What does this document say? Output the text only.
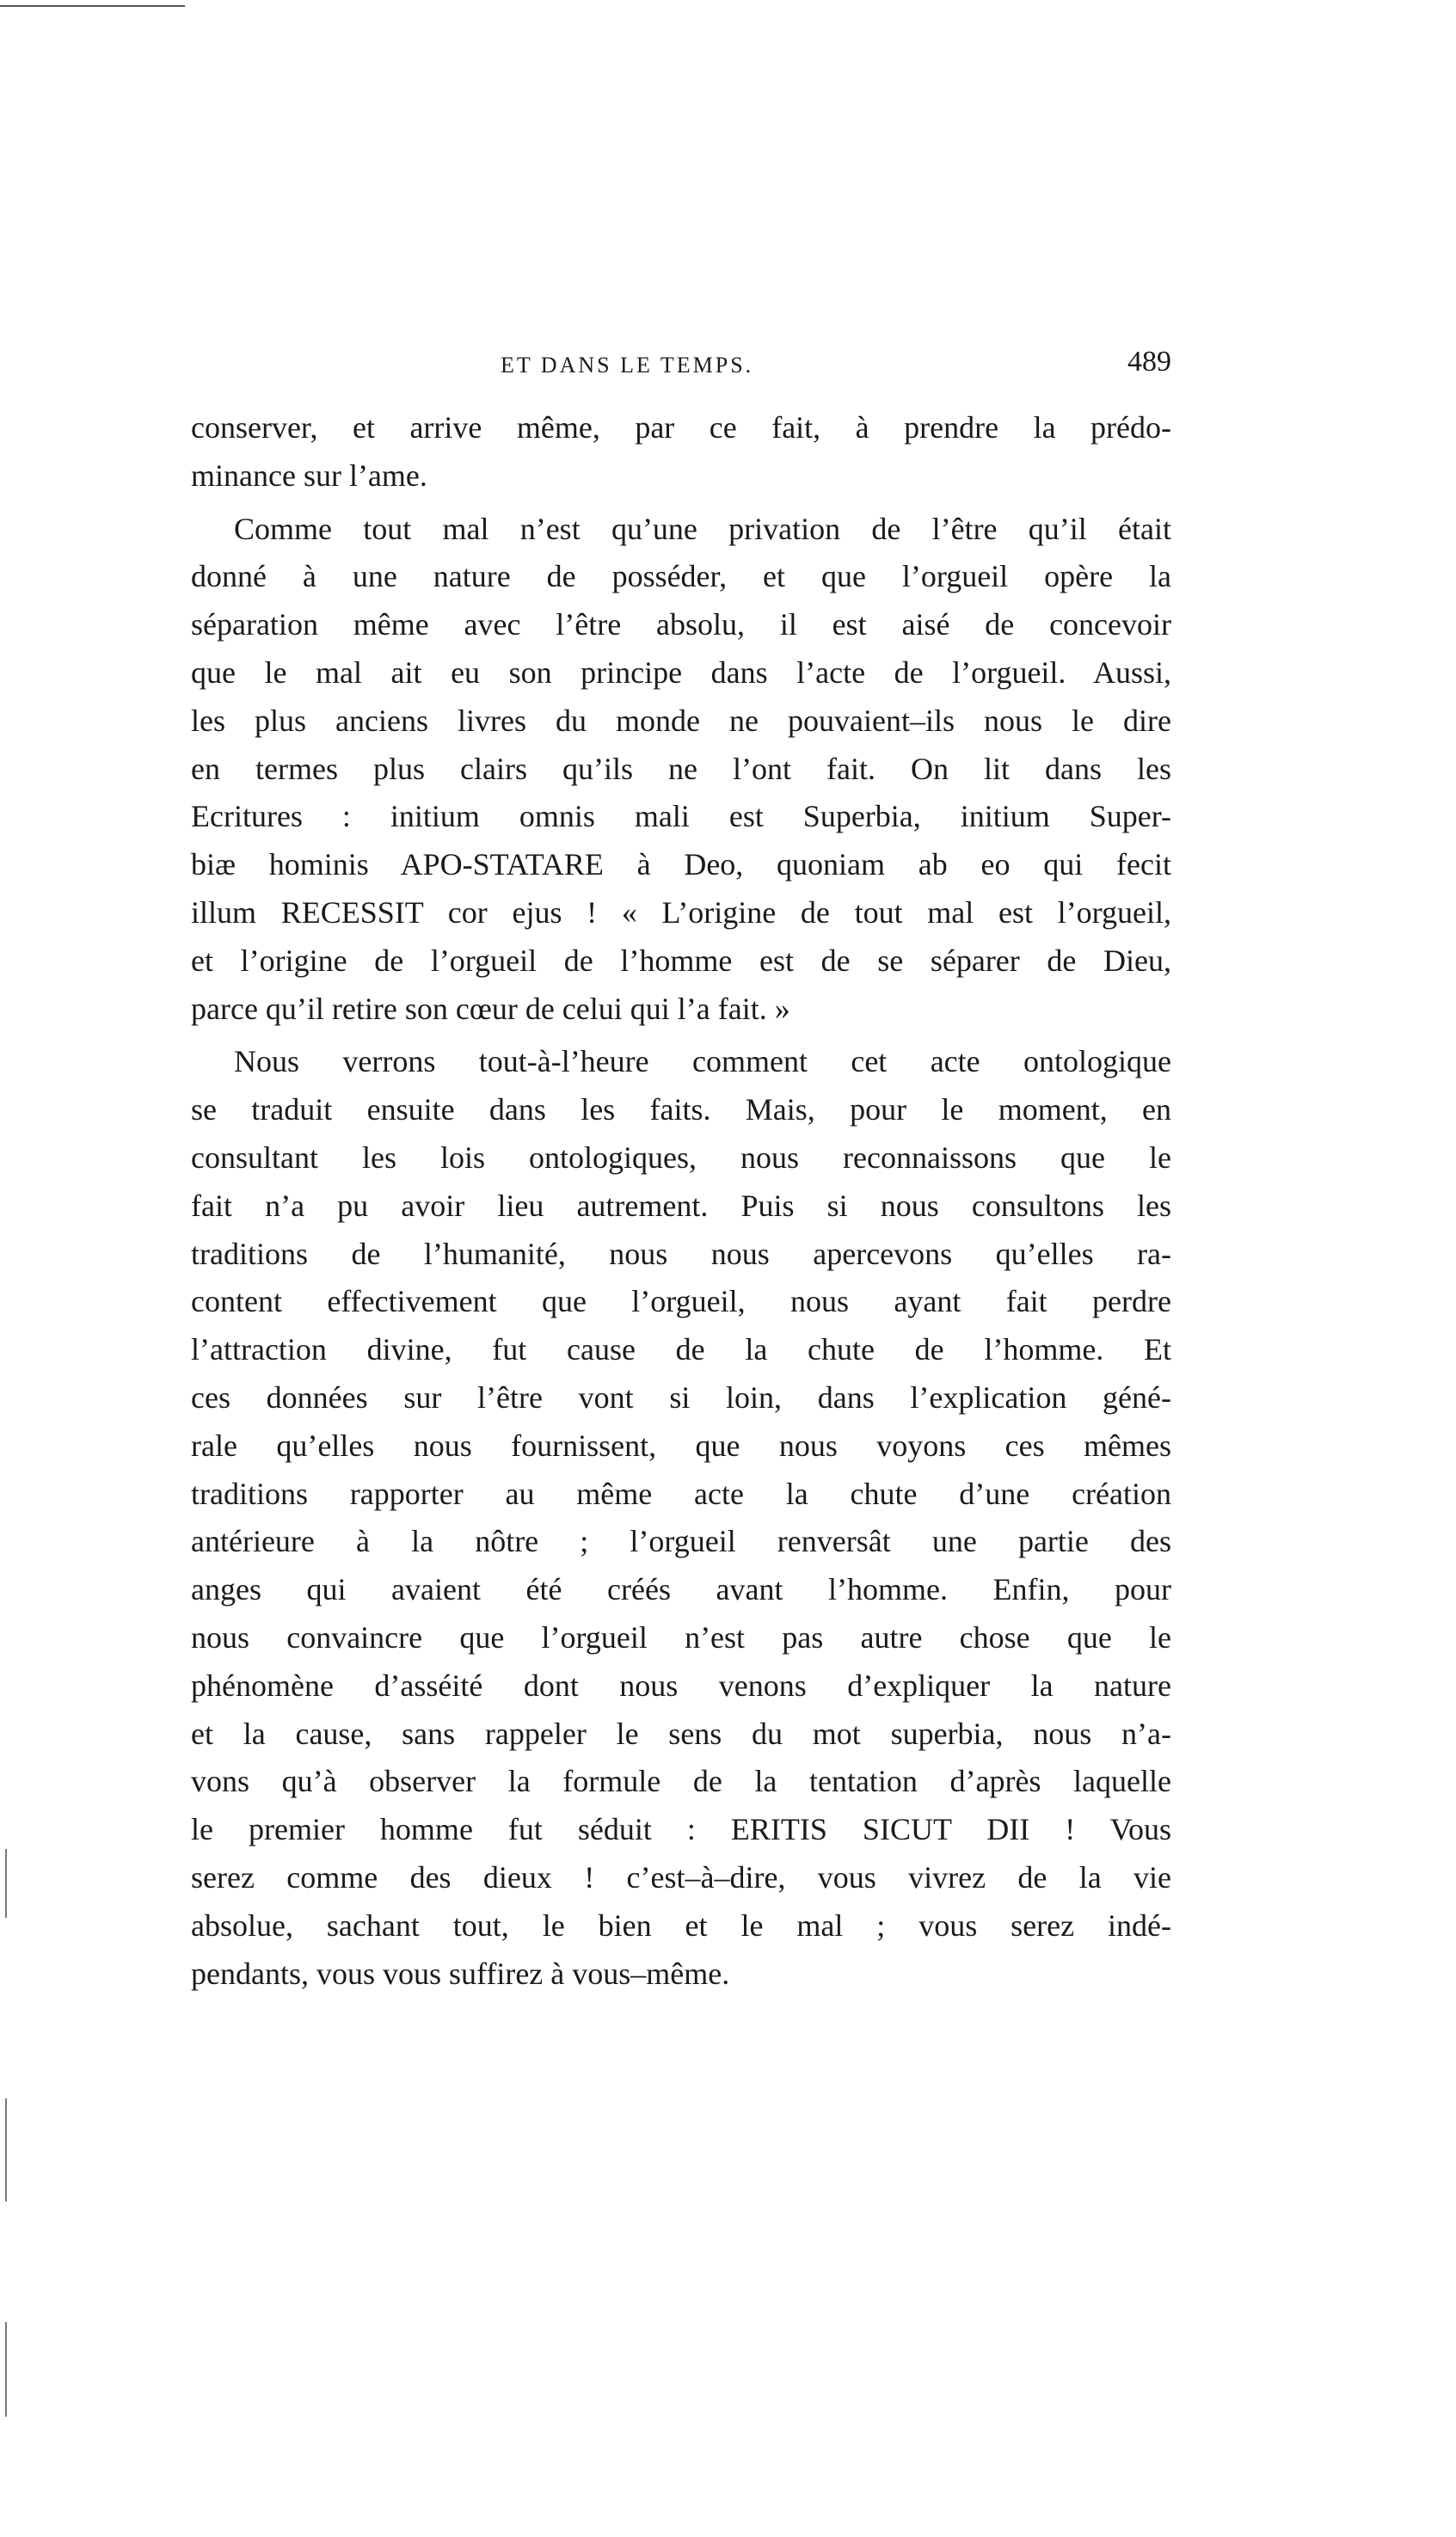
ET DANS LE TEMPS.	489
conserver, et arrive même, par ce fait, à prendre la prédo-
minance sur l’ame.
Comme tout mal n’est qu’une privation de l’être qu’il était
donné à une nature de posséder, et que l’orgueil opère la
séparation même avec l’être absolu, il est aisé de concevoir
que le mal ait eu son principe dans l’acte de l’orgueil. Aussi,
les plus anciens livres du monde ne pouvaient–ils nous le dire
en termes plus clairs qu’ils ne l’ont fait. On lit dans les
Ecritures : initium omnis mali est Superbia, initium Super-
biæ hominis APO-STATARE à Deo, quoniam ab eo qui fecit
illum RECESSIT cor ejus ! « L’origine de tout mal est l’orgueil,
et l’origine de l’orgueil de l’homme est de se séparer de Dieu,
parce qu’il retire son cœur de celui qui l’a fait. »
Nous verrons tout-à-l’heure comment cet acte ontologique
se traduit ensuite dans les faits. Mais, pour le moment, en
consultant les lois ontologiques, nous reconnaissons que le
fait n’a pu avoir lieu autrement. Puis si nous consultons les
traditions de l’humanité, nous nous apercevons qu’elles ra-
content effectivement que l’orgueil, nous ayant fait perdre
l’attraction divine, fut cause de la chute de l’homme. Et
ces données sur l’être vont si loin, dans l’explication géné-
rale qu’elles nous fournissent, que nous voyons ces mêmes
traditions rapporter au même acte la chute d’une création
antérieure à la nôtre ; l’orgueil renversât une partie des
anges qui avaient été créés avant l’homme. Enfin, pour
nous convaincre que l’orgueil n’est pas autre chose que le
phénomène d’asséité dont nous venons d’expliquer la nature
et la cause, sans rappeler le sens du mot superbia, nous n’a-
vons qu’à observer la formule de la tentation d’après laquelle
le premier homme fut séduit : ERITIS SICUT DII ! Vous
serez comme des dieux ! c’est–à–dire, vous vivrez de la vie
absolue, sachant tout, le bien et le mal ; vous serez indé-
pendants, vous vous suffirez à vous–même.
